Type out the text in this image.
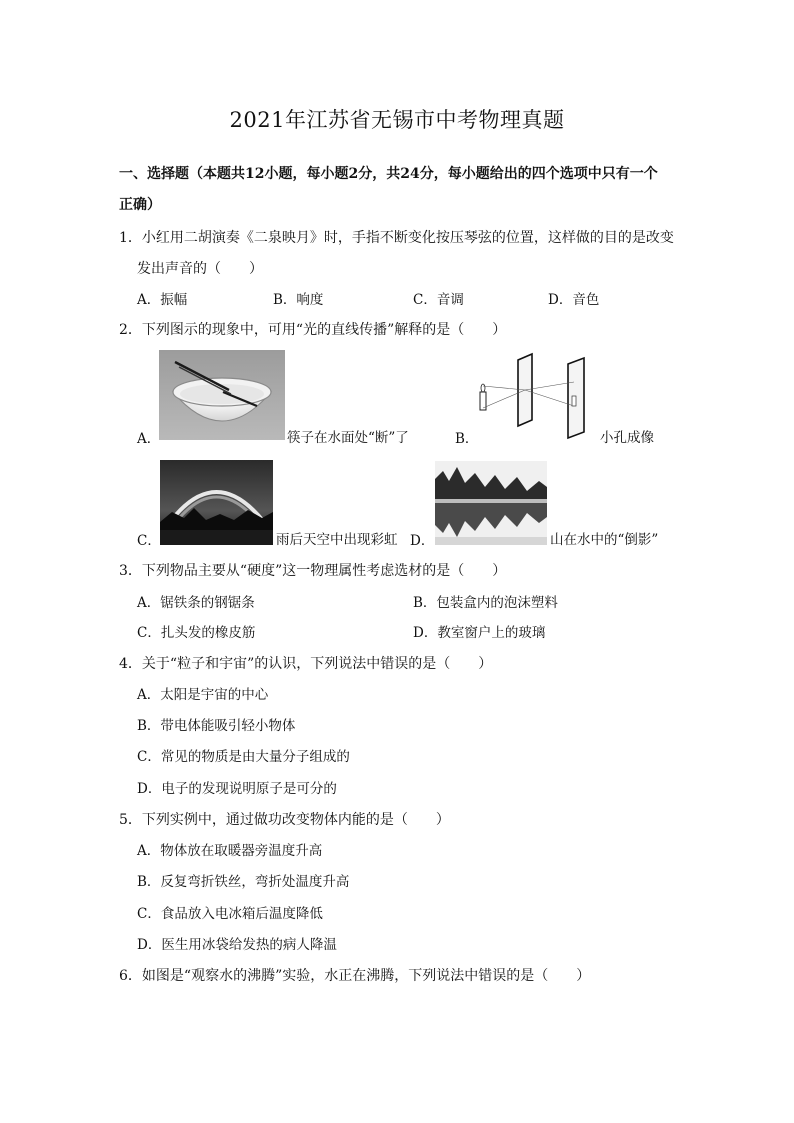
2021年江苏省无锡市中考物理真题
一、选择题（本题共12小题，每小题2分，共24分，每小题给出的四个选项中只有一个
正确）
1．小红用二胡演奏《二泉映月》时，手指不断变化按压琴弦的位置，这样做的目的是改变
发出声音的（　　）
A．振幅	B．响度	C．音调	D．音色
2．下列图示的现象中，可用“光的直线传播”解释的是（　　）
A．	筷子在水面处“断”了	B．	小孔成像
C．	雨后天空中出现彩虹 D．	山在水中的“倒影”
3．下列物品主要从“硬度”这一物理属性考虑选材的是（　　）
A．锯铁条的钢锯条	B．包装盒内的泡沫塑料
C．扎头发的橡皮筋	D．教室窗户上的玻璃
4．关于“粒子和宇宙”的认识，下列说法中错误的是（　　）
A．太阳是宇宙的中心
B．带电体能吸引轻小物体
C．常见的物质是由大量分子组成的
D．电子的发现说明原子是可分的
5．下列实例中，通过做功改变物体内能的是（　　）
A．物体放在取暖器旁温度升高
B．反复弯折铁丝，弯折处温度升高
C．食品放入电冰箱后温度降低
D．医生用冰袋给发热的病人降温
6．如图是“观察水的沸腾”实验，水正在沸腾，下列说法中错误的是（　　）
